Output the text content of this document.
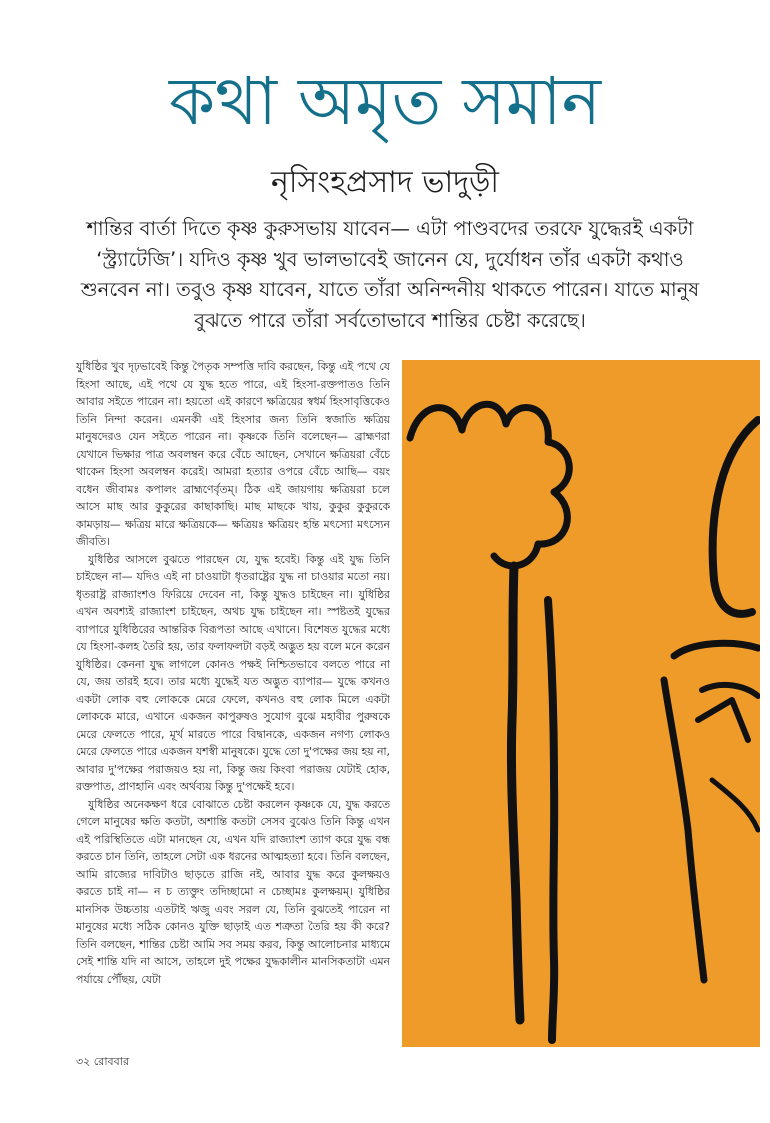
কথা অমৃত সমান
নৃসিংহপ্রসাদ ভাদুড়ী

শান্তির বার্তা দিতে কৃষ্ণ কুরুসভায় যাবেন— এটা পাণ্ডবদের তরফে যুদ্ধেরই একটা ‘স্ট্র্যাটেজি’। যদিও কৃষ্ণ খুব ভালভাবেই জানেন যে, দুর্যোধন তাঁর একটা কথাও শুনবেন না। তবুও কৃষ্ণ যাবেন, যাতে তাঁরা অনিন্দনীয় থাকতে পারেন। যাতে মানুষ বুঝতে পারে তাঁরা সর্বতোভাবে শান্তির চেষ্টা করেছে।

যুধিষ্ঠির খুব দৃঢ়ভাবেই কিন্তু পৈতৃক সম্পত্তি দাবি করছেন, কিন্তু এই পথে যে হিংসা আছে, এই পথে যে যুদ্ধ হতে পারে, এই হিংসা-রক্তপাতও তিনি আবার সইতে পারেন না। হয়তো এই কারণে ক্ষত্রিয়ের স্বধর্ম হিংসাবৃত্তিকেও তিনি নিন্দা করেন। এমনকী এই হিংসার জন্য তিনি স্বজাতি ক্ষত্রিয় মানুষদেরও যেন সইতে পারেন না। কৃষ্ণকে তিনি বলেছেন— ব্রাহ্মণরা যেখানে ভিক্ষার পাত্র অবলম্বন করে বেঁচে আছেন, সেখানে ক্ষত্রিয়রা বেঁচে থাকেন হিংসা অবলম্বন করেই। আমরা হত্যার ওপরে বেঁচে আছি— বয়ং বধেন জীবামঃ কপালং ব্রাহ্মণের্বৃতম্। ঠিক এই জায়গায় ক্ষত্রিয়রা চলে আসে মাছ আর কুকুরের কাছাকাছি। মাছ মাছকে খায়, কুকুর কুকুরকে কামড়ায়— ক্ষত্রিয় মারে ক্ষত্রিয়কে— ক্ষত্রিয়ঃ ক্ষত্রিয়ং হন্তি মৎস্যো মৎস্যেন জীবতি।

যুধিষ্ঠির আসলে বুঝতে পারছেন যে, যুদ্ধ হবেই। কিন্তু এই যুদ্ধ তিনি চাইছেন না— যদিও এই না চাওয়াটা ধৃতরাষ্ট্রের যুদ্ধ না চাওয়ার মতো নয়। ধৃতরাষ্ট্র রাজ্যাংশও ফিরিয়ে দেবেন না, কিন্তু যুদ্ধও চাইছেন না। যুধিষ্ঠির এখন অবশ্যই রাজ্যাংশ চাইছেন, অথচ যুদ্ধ চাইছেন না। স্পষ্টতই যুদ্ধের ব্যাপারে যুধিষ্ঠিরের আন্তরিক বিরূপতা আছে এখানে। বিশেষত যুদ্ধের মধ্যে যে হিংসা-কলহ তৈরি হয়, তার ফলাফলটা বড়ই অদ্ভুত হয় বলে মনে করেন যুধিষ্ঠির। কেননা যুদ্ধ লাগলে কোনও পক্ষই নিশ্চিতভাবে বলতে পারে না যে, জয় তারই হবে। তার মধ্যে যুদ্ধেই যত অদ্ভুত ব্যাপার— যুদ্ধে কখনও একটা লোক বহু লোককে মেরে ফেলে, কখনও বহু লোক মিলে একটা লোককে মারে, এখানে একজন কাপুরুষও সুযোগ বুঝে মহাবীর পুরুষকে মেরে ফেলতে পারে, মূর্খ মারতে পারে বিদ্বানকে, একজন নগণ্য লোকও মেরে ফেলতে পারে একজন যশস্বী মানুষকে। যুদ্ধে তো দু'পক্ষের জয় হয় না, আবার দু'পক্ষের পরাজয়ও হয় না, কিন্তু জয় কিংবা পরাজয় যেটাই হোক, রক্তপাত, প্রাণহানি এবং অর্থব্যয় কিন্তু দু'পক্ষেই হবে।

যুধিষ্ঠির অনেকক্ষণ ধরে বোঝাতে চেষ্টা করলেন কৃষ্ণকে যে, যুদ্ধ করতে গেলে মানুষের ক্ষতি কতটা, অশান্তি কতটা সেসব বুঝেও তিনি কিন্তু এখন এই পরিস্থিতিতে এটা মানছেন যে, এখন যদি রাজ্যাংশ ত্যাগ করে যুদ্ধ বন্ধ করতে চান তিনি, তাহলে সেটা এক ধরনের আত্মহত্যা হবে। তিনি বলছেন, আমি রাজ্যের দাবিটাও ছাড়তে রাজি নই, আবার যুদ্ধ করে কুলক্ষয়ও করতে চাই না— ন চ ত্যক্তুং তদিচ্ছামো ন চেচ্ছামঃ কুলক্ষয়ম্। যুধিষ্ঠির মানসিক উচ্চতায় এতটাই ঋজু এবং সরল যে, তিনি বুঝতেই পারেন না মানুষের মধ্যে সঠিক কোনও যুক্তি ছাড়াই এত শত্রুতা তৈরি হয় কী করে? তিনি বলছেন, শান্তির চেষ্টা আমি সব সময় করব, কিন্তু আলোচনার মাধ্যমে সেই শান্তি যদি না আসে, তাহলে দুই পক্ষের যুদ্ধকালীন মানসিকতাটা এমন পর্যায়ে পৌঁছয়, যেটা

৩২ রোববার
